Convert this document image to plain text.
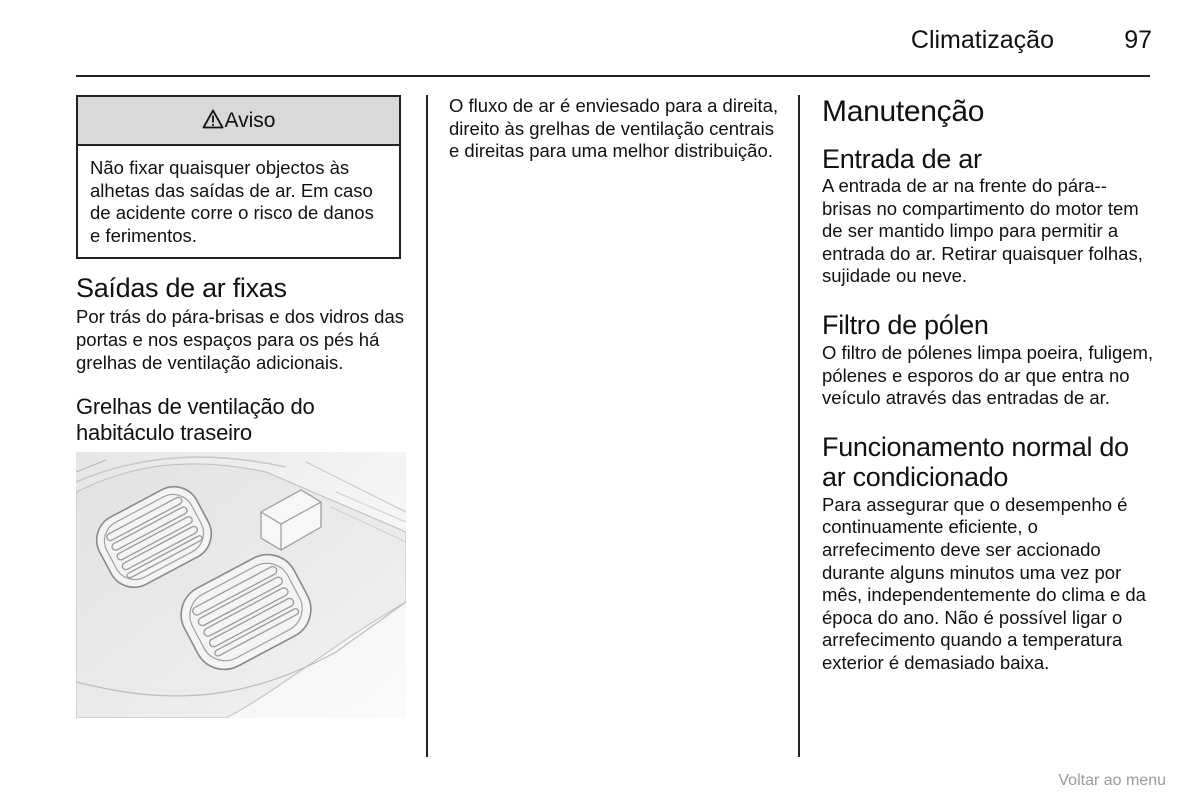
Climatização	97
Aviso

Não fixar quaisquer objectos às alhetas das saídas de ar. Em caso de acidente corre o risco de danos e ferimentos.

Saídas de ar fixas

Por trás do pára-brisas e dos vidros das portas e nos espaços para os pés há grelhas de ventilação adicionais.

Grelhas de ventilação do
habitáculo traseiro

O fluxo de ar é enviesado para a direita, direito às grelhas de ventilação centrais e direitas para uma melhor distribuição.

Manutenção
Entrada de ar

A entrada de ar na frente do pára--brisas no compartimento do motor tem de ser mantido limpo para permitir a entrada do ar. Retirar quaisquer folhas, sujidade ou neve.

Filtro de pólen

O filtro de pólenes limpa poeira, fuligem, pólenes e esporos do ar que entra no veículo através das entradas de ar.

Funcionamento normal do
ar condicionado

Para assegurar que o desempenho é continuamente eficiente, o arrefecimento deve ser accionado durante alguns minutos uma vez por mês, independentemente do clima e da época do ano. Não é possível ligar o arrefecimento quando a temperatura exterior é demasiado baixa.

Voltar ao menu
